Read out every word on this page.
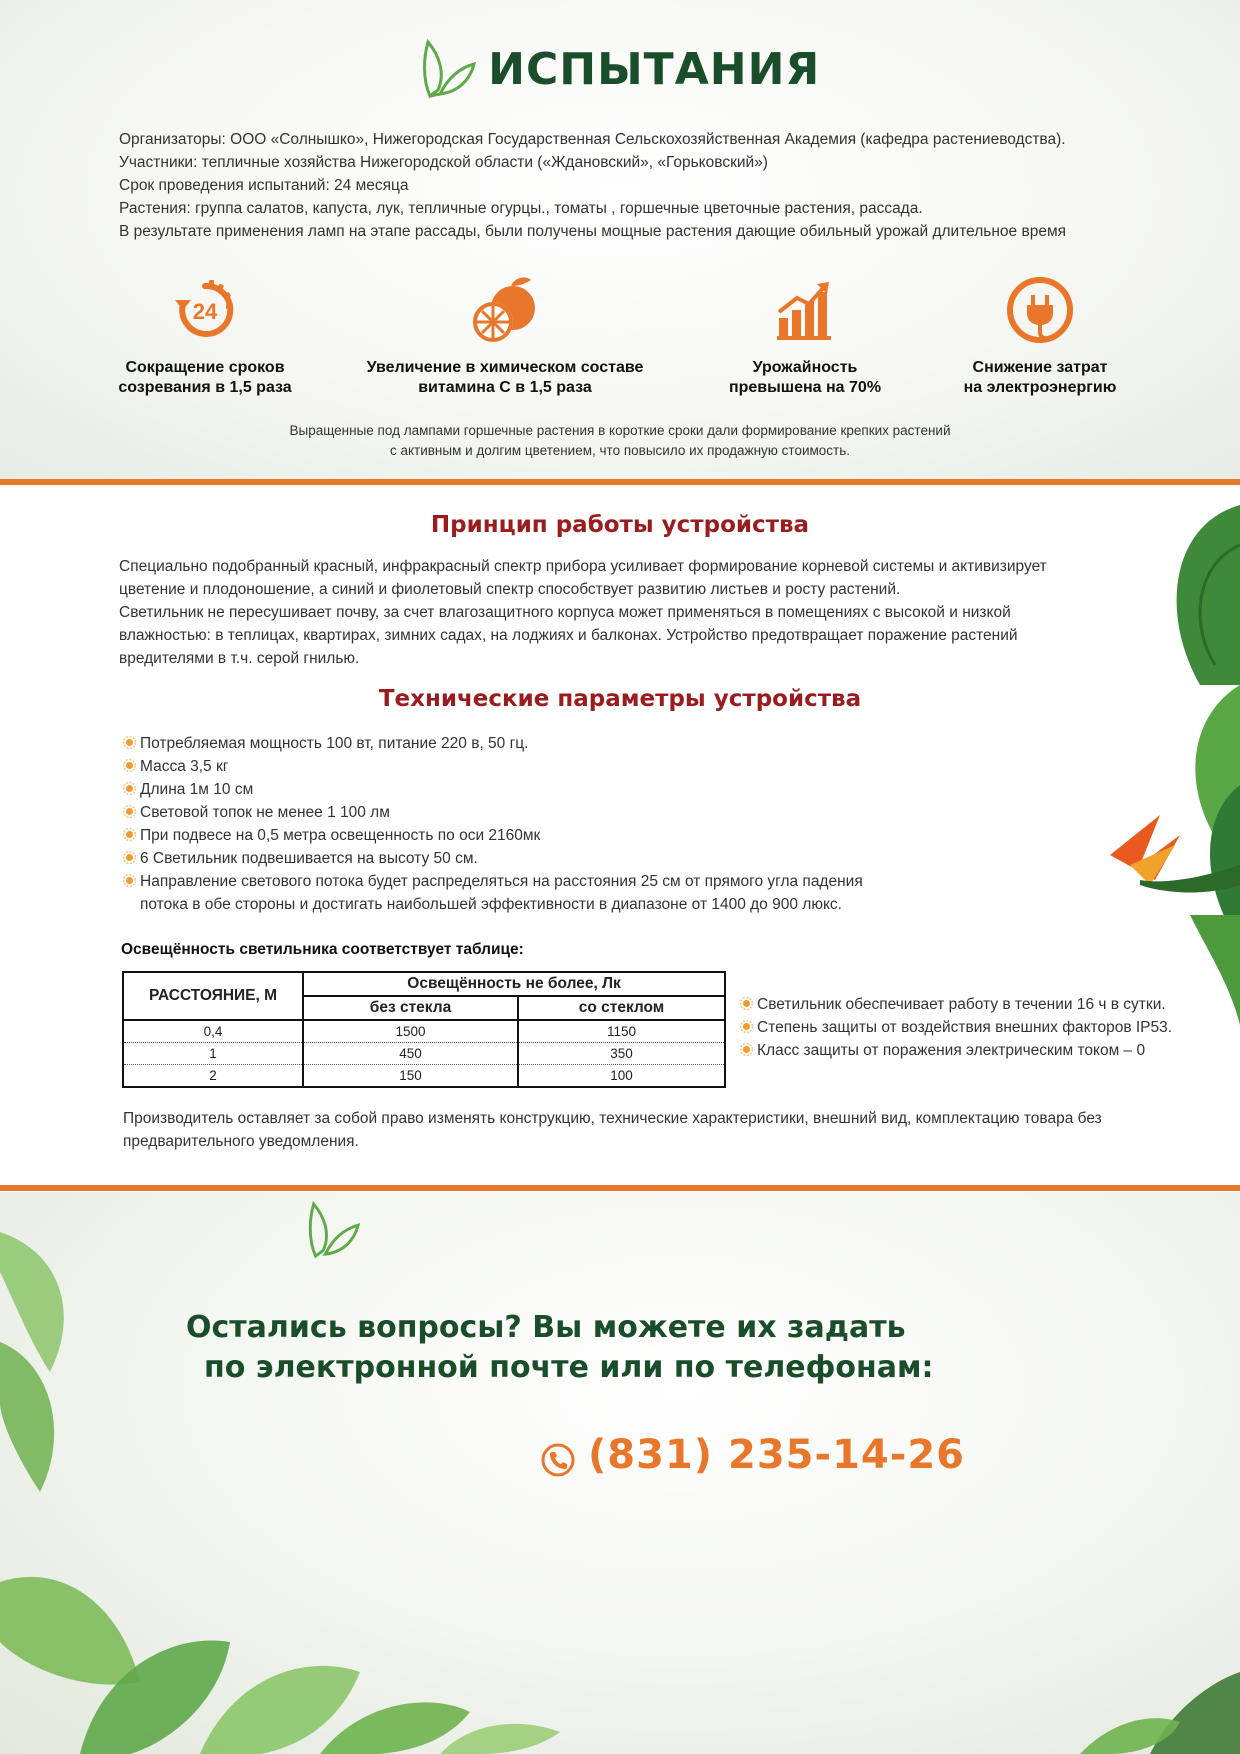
ИСПЫТАНИЯ
Организаторы: ООО «Солнышко», Нижегородская Государственная Сельскохозяйственная Академия (кафедра растениеводства).
Участники: тепличные хозяйства Нижегородской области («Ждановский», «Горьковский»)
Срок проведения испытаний: 24 месяца
Растения: группа салатов, капуста, лук, тепличные огурцы., томаты , горшечные цветочные растения, рассада.
В результате применения ламп на этапе рассады, были получены мощные растения дающие обильный урожай длительное время
24
Сокращение сроков
созревания в 1,5 раза
Увеличение в химическом составе
витамина С в 1,5 раза
Урожайность
превышена на 70%
Снижение затрат
на электроэнергию
Выращенные под лампами горшечные растения в короткие сроки дали формирование крепких растений
с активным и долгим цветением, что повысило их продажную стоимость.
Принцип работы устройства
Специально подобранный красный, инфракрасный спектр прибора усиливает формирование корневой системы и активизирует
цветение и плодоношение, а синий и фиолетовый спектр способствует развитию листьев и росту растений.
Светильник не пересушивает почву, за счет влагозащитного корпуса может применяться в помещениях с высокой и низкой
влажностью: в теплицах, квартирах, зимних садах, на лоджиях и балконах. Устройство предотвращает поражение растений
вредителями в т.ч. серой гнилью.
Технические параметры устройства
Потребляемая мощность 100 вт, питание 220 в, 50 гц.
Масса 3,5 кг
Длина 1м 10 см
Световой топок не менее 1 100 лм
При подвесе на 0,5 метра освещенность по оси 2160мк
6 Светильник подвешивается на высоту 50 см.
Направление светового потока будет распределяться на расстояния 25 см от прямого угла падения
потока в обе стороны и достигать наибольшей эффективности в диапазоне от 1400 до 900 люкс.
Освещённость светильника соответствует таблице:
РАССТОЯНИЕ, М	Освещённость не более, Лк	
	без стекла	со стеклом
0,4	1500	1150
1	450	350
2	150	100
Светильник обеспечивает работу в течении 16 ч в сутки.
Степень защиты от воздействия внешних факторов IP53.
Класс защиты от поражения электрическим током – 0
Производитель оставляет за собой право изменять конструкцию, технические характеристики, внешний вид, комплектацию товара без
предварительного уведомления.
Остались вопросы? Вы можете их задать
по электронной почте или по телефонам:
(831) 235-14-26
